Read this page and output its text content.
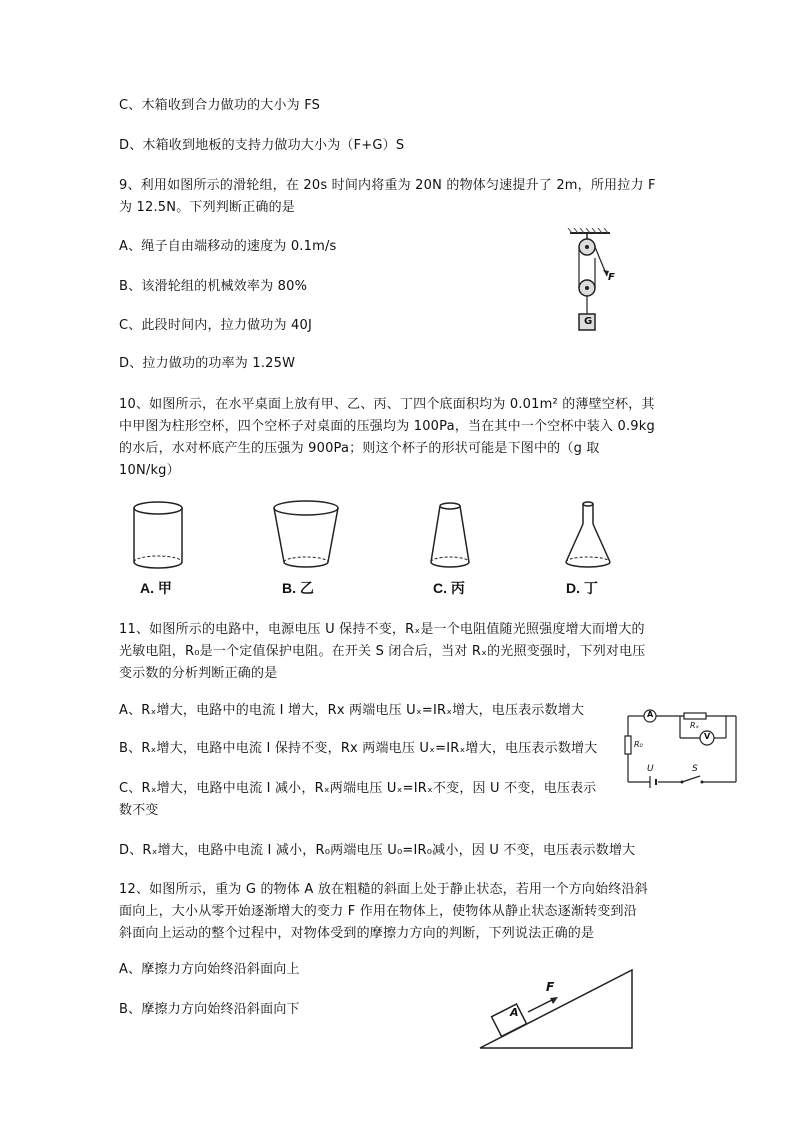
C、木箱收到合力做功的大小为 FS
D、木箱收到地板的支持力做功大小为（F+G）S
9、利用如图所示的滑轮组，在 20s 时间内将重为 20N 的物体匀速提升了 2m，所用拉力 F
为 12.5N。下列判断正确的是
A、绳子自由端移动的速度为 0.1m/s
B、该滑轮组的机械效率为 80%
C、此段时间内，拉力做功为 40J
D、拉力做功的功率为 1.25W
F
G
10、如图所示，在水平桌面上放有甲、乙、丙、丁四个底面积均为 0.01m² 的薄壁空杯，其
中甲图为柱形空杯，四个空杯子对桌面的压强均为 100Pa，当在其中一个空杯中装入 0.9kg
的水后，水对杯底产生的压强为 900Pa；则这个杯子的形状可能是下图中的（g 取
10N/kg）
A. 甲	B. 乙	C. 丙	D. 丁
11、如图所示的电路中，电源电压 U 保持不变，Rₓ是一个电阻值随光照强度增大而增大的
光敏电阻，R₀是一个定值保护电阻。在开关 S 闭合后，当对 Rₓ的光照变强时，下列对电压
变示数的分析判断正确的是
A、Rₓ增大，电路中的电流 I 增大，Rx 两端电压 Uₓ=IRₓ增大，电压表示数增大
B、Rₓ增大，电路中电流 I 保持不变，Rx 两端电压 Uₓ=IRₓ增大，电压表示数增大
C、Rₓ增大，电路中电流 I 减小，Rₓ两端电压 Uₓ=IRₓ不变，因 U 不变，电压表示
数不变
D、Rₓ增大，电路中电流 I 减小，R₀两端电压 U₀=IR₀减小，因 U 不变，电压表示数增大
A
V
Rₓ
R₀
U	S
12、如图所示，重为 G 的物体 A 放在粗糙的斜面上处于静止状态，若用一个方向始终沿斜
面向上，大小从零开始逐渐增大的变力 F 作用在物体上，使物体从静止状态逐渐转变到沿
斜面向上运动的整个过程中，对物体受到的摩擦力方向的判断，下列说法正确的是
A、摩擦力方向始终沿斜面向上
B、摩擦力方向始终沿斜面向下	A
F
